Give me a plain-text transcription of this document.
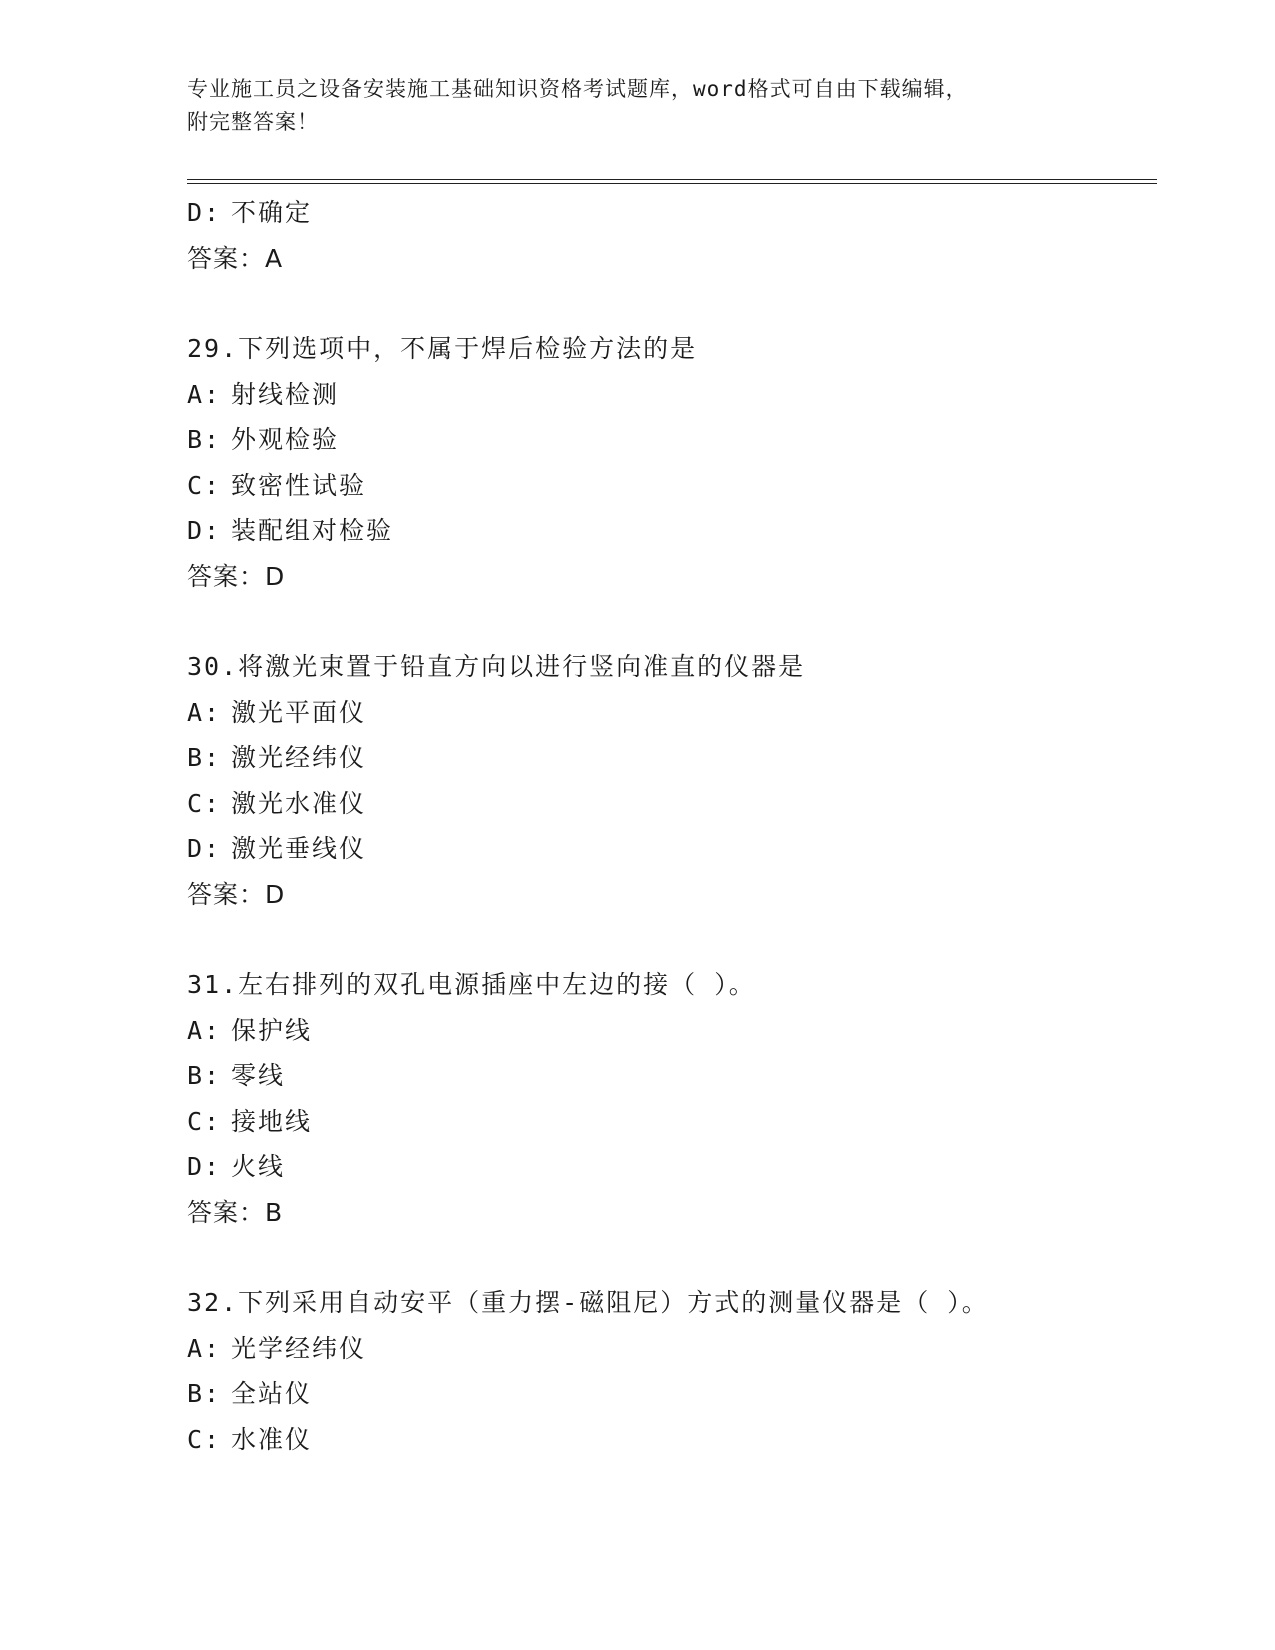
专业施工员之设备安装施工基础知识资格考试题库，word格式可自由下载编辑，
附完整答案！
D: 不确定
答案：A
29.下列选项中，不属于焊后检验方法的是
A: 射线检测
B: 外观检验
C: 致密性试验
D: 装配组对检验
答案：D
30.将激光束置于铅直方向以进行竖向准直的仪器是
A: 激光平面仪
B: 激光经纬仪
C: 激光水准仪
D: 激光垂线仪
答案：D
31.左右排列的双孔电源插座中左边的接（ ）。
A: 保护线
B: 零线
C: 接地线
D: 火线
答案：B
32.下列采用自动安平（重力摆-磁阻尼）方式的测量仪器是（ ）。
A: 光学经纬仪
B: 全站仪
C: 水准仪
